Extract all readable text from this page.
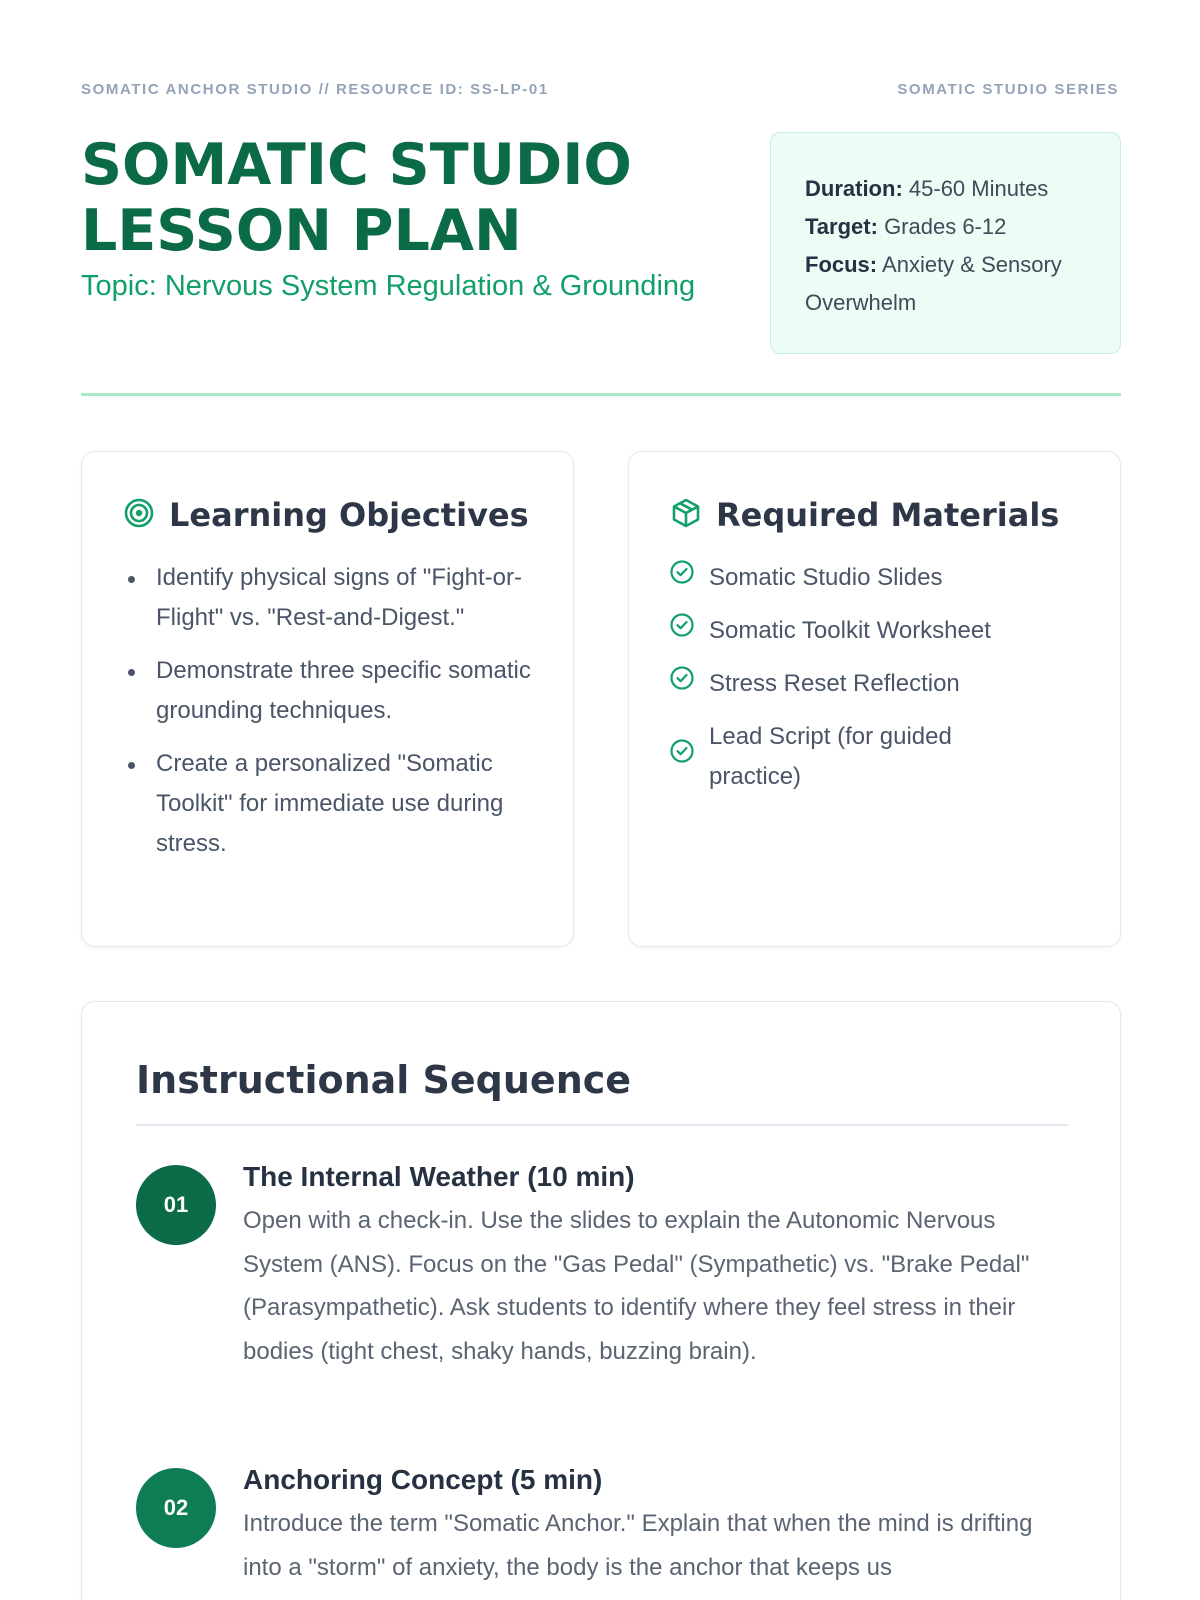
SOMATIC ANCHOR STUDIO // RESOURCE ID: SS-LP-01	SOMATIC STUDIO SERIES
SOMATIC STUDIO
LESSON PLAN
Topic: Nervous System Regulation & Grounding
Duration: 45-60 Minutes
Target: Grades 6-12
Focus: Anxiety & Sensory Overwhelm
Learning Objectives
Identify physical signs of "Fight-or-Flight" vs. "Rest-and-Digest."
Demonstrate three specific somatic grounding techniques.
Create a personalized "Somatic Toolkit" for immediate use during stress.
Required Materials
Somatic Studio Slides
Somatic Toolkit Worksheet
Stress Reset Reflection
Lead Script (for guided practice)
Instructional Sequence
01
The Internal Weather (10 min)

Open with a check-in. Use the slides to explain the Autonomic Nervous System (ANS). Focus on the "Gas Pedal" (Sympathetic) vs. "Brake Pedal" (Parasympathetic). Ask students to identify where they feel stress in their bodies (tight chest, shaky hands, buzzing brain).

02
Anchoring Concept (5 min)

Introduce the term "Somatic Anchor." Explain that when the mind is drifting into a "storm" of anxiety, the body is the anchor that keeps us
